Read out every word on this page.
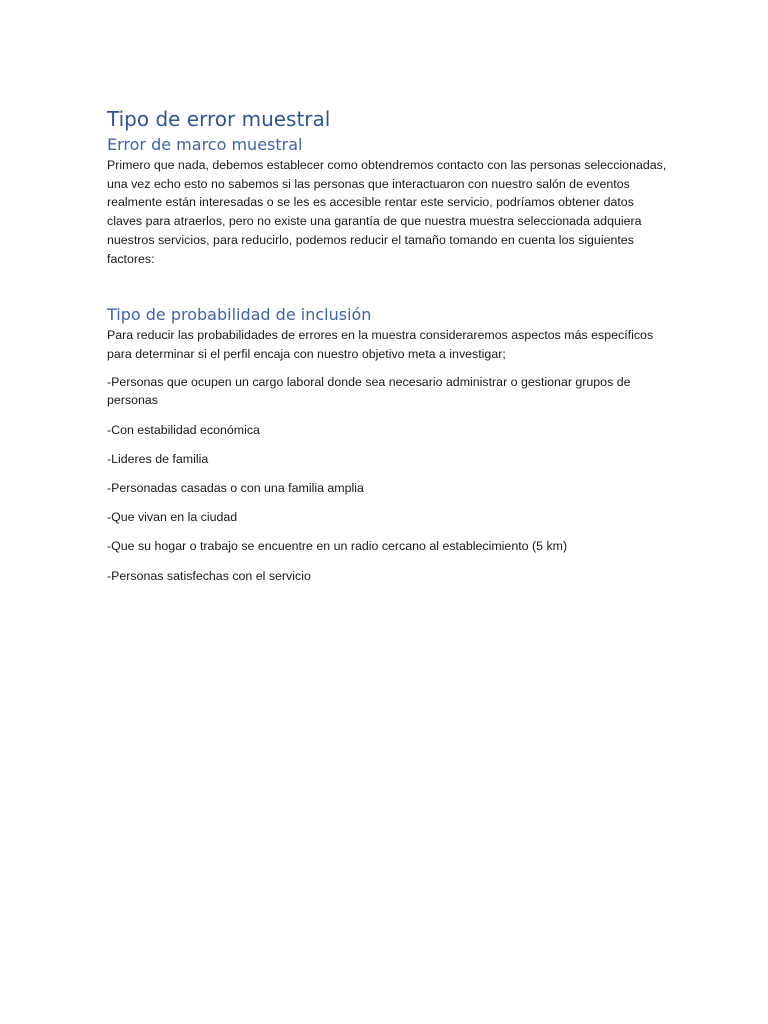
Tipo de error muestral
Error de marco muestral

Primero que nada, debemos establecer como obtendremos contacto con las personas seleccionadas, una vez echo esto no sabemos si las personas que interactuaron con nuestro salón de eventos realmente están interesadas o se les es accesible rentar este servicio, podríamos obtener datos claves para atraerlos, pero no existe una garantía de que nuestra muestra seleccionada adquiera nuestros servicios, para reducirlo, podemos reducir el tamaño tomando en cuenta los siguientes factores:

Tipo de probabilidad de inclusión

Para reducir las probabilidades de errores en la muestra consideraremos aspectos más específicos para determinar si el perfil encaja con nuestro objetivo meta a investigar;

-Personas que ocupen un cargo laboral donde sea necesario administrar o gestionar grupos de personas
-Con estabilidad económica
-Lideres de familia
-Personadas casadas o con una familia amplia
-Que vivan en la ciudad
-Que su hogar o trabajo se encuentre en un radio cercano al establecimiento (5 km)
-Personas satisfechas con el servicio
